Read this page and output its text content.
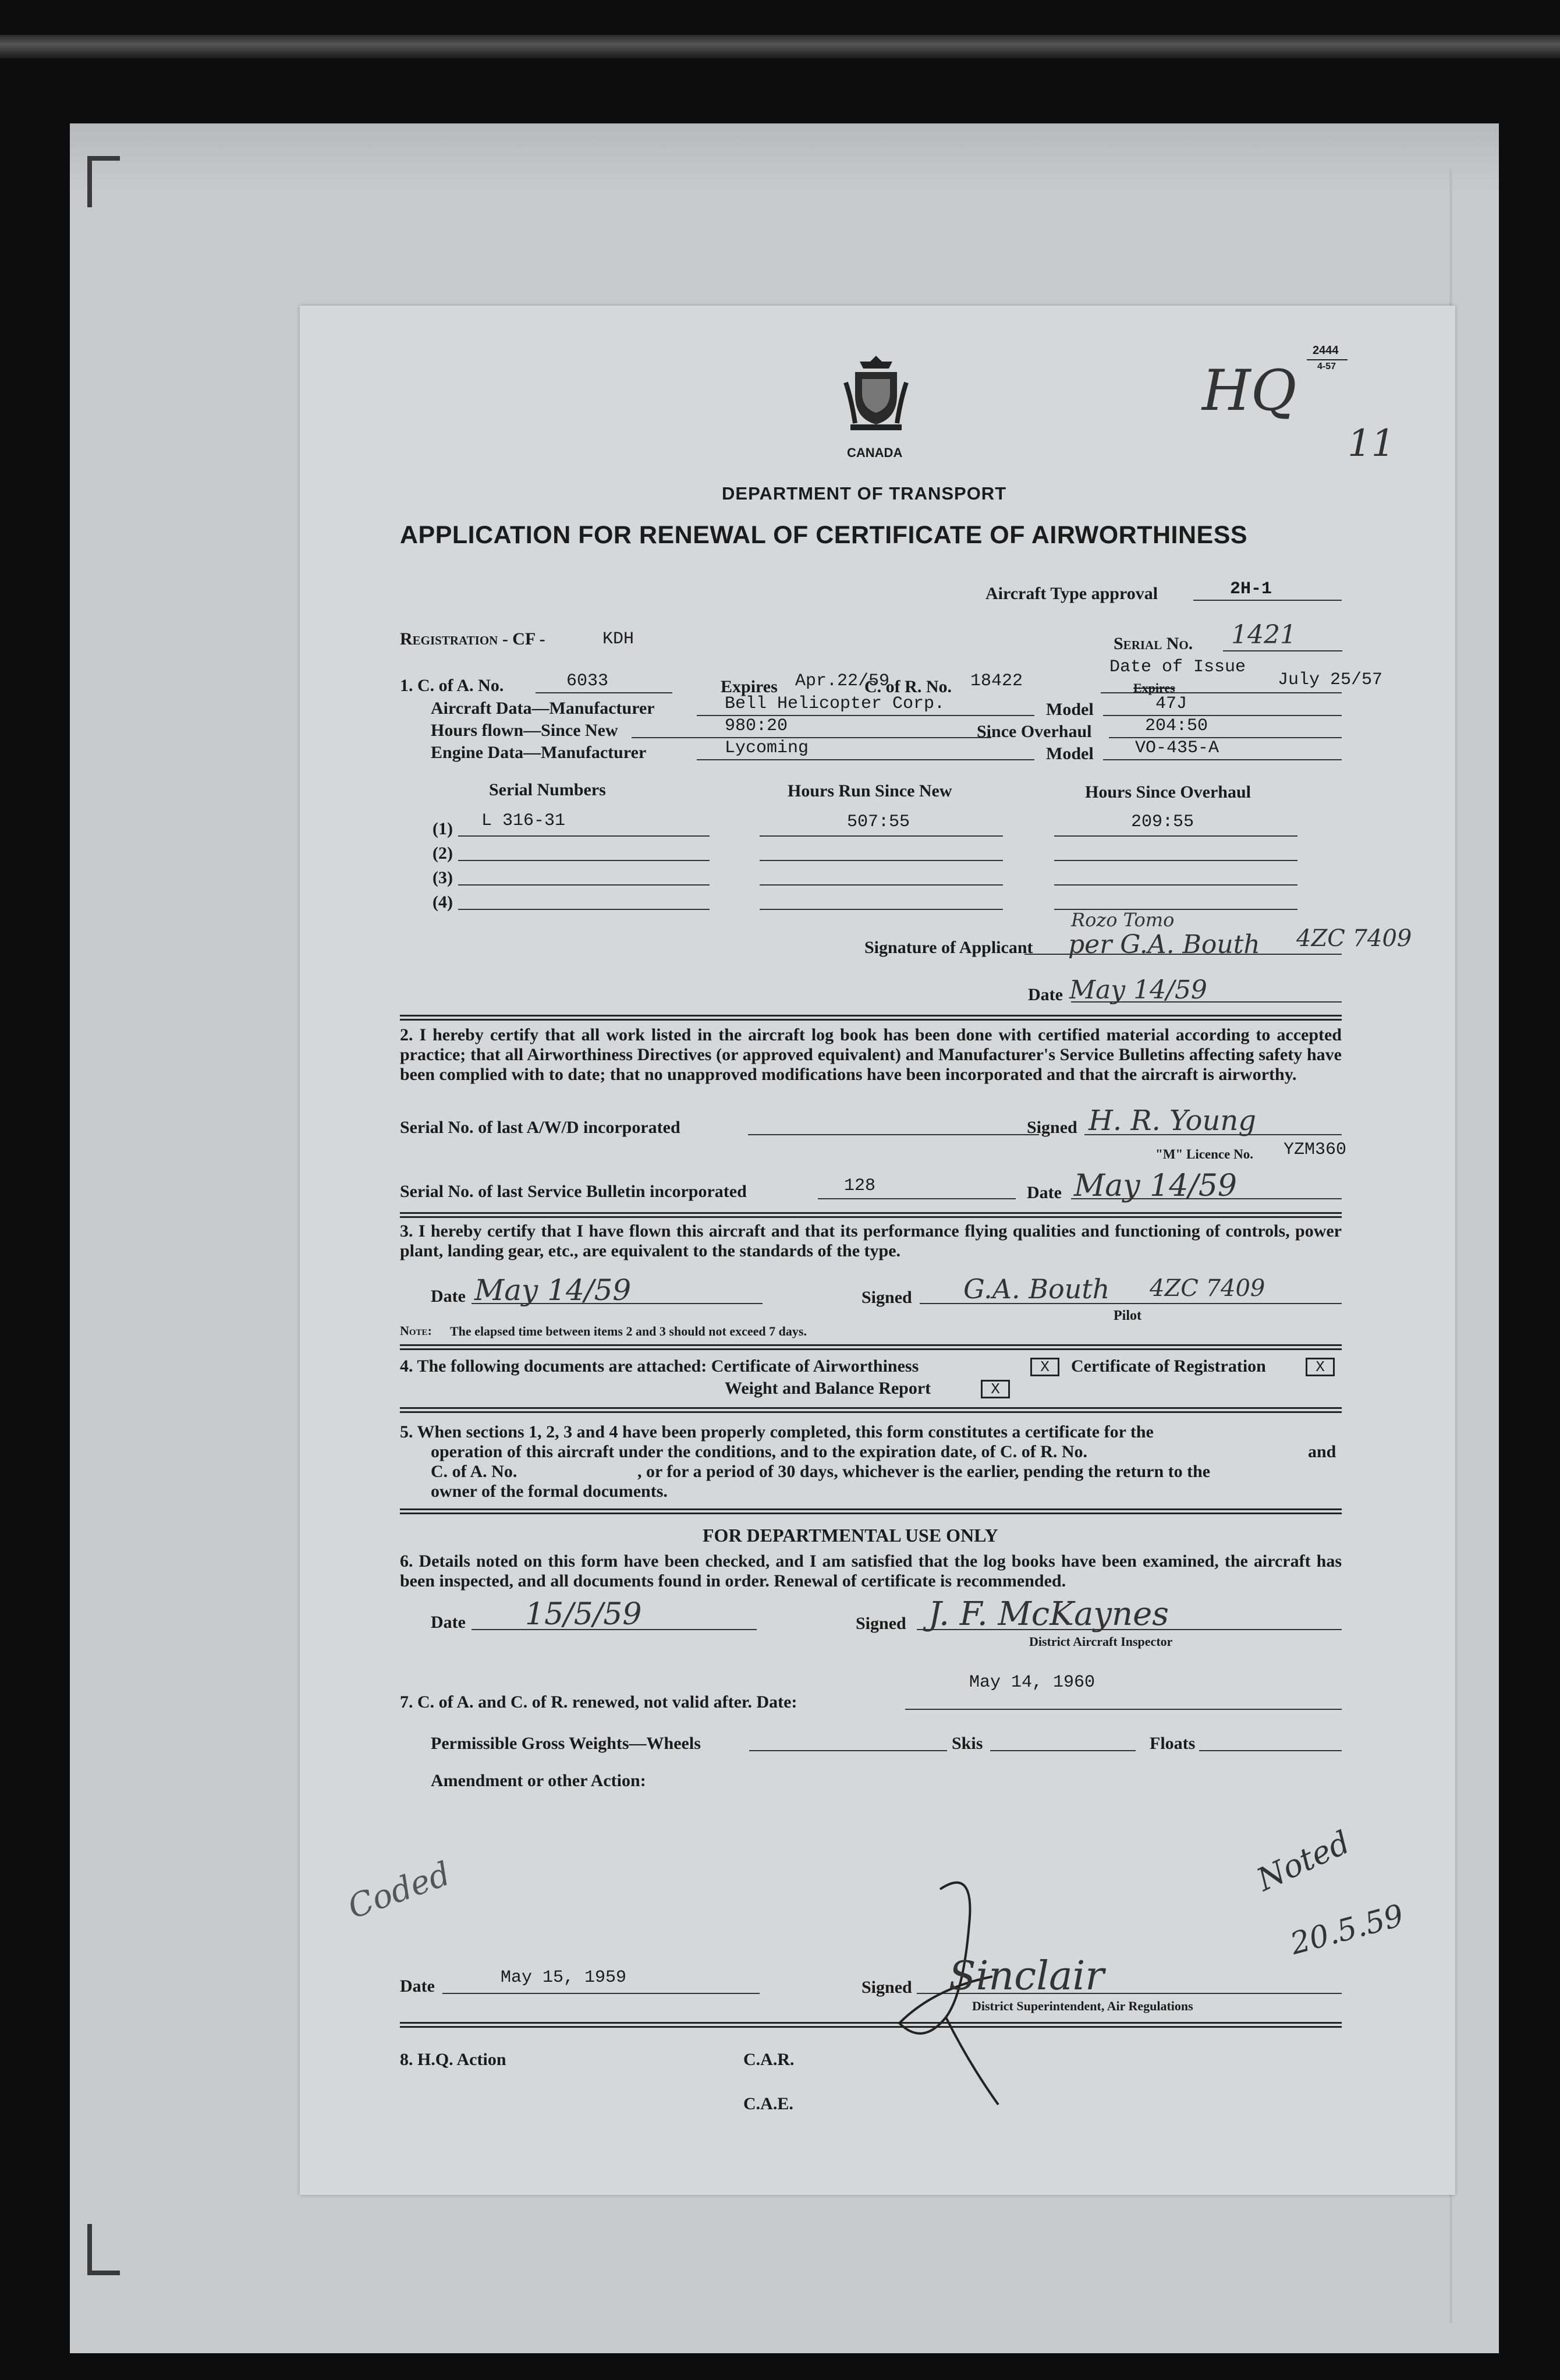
CANADA
2444
4-57
HQ
11
DEPARTMENT OF TRANSPORT
APPLICATION FOR RENEWAL OF CERTIFICATE OF AIRWORTHINESS
Aircraft Type approval	2H-1
Registration - CF -	KDH	Serial No. 1421
1. C. of A. No.	6033	Expires Apr.22/59
C. of R. No. 18422
Date of Issue
July 25/57
Expires
Aircraft Data—Manufacturer	Bell Helicopter Corp.	Model	47J
Hours flown—Since New	980:20	Since Overhaul	204:50
Engine Data—Manufacturer	Lycoming	Model VO-435-A
Serial Numbers	Hours Run Since New	Hours Since Overhaul
(1) L 316-31	507:55	209:55
(2)
(3)
(4)
Signature of Applicant
Rozo Tomo
per G.A. Bouth 4ZC 7409
Date May 14/59
2. I hereby certify that all work listed in the aircraft log book has been done with certified material according to accepted practice; that all Airworthiness Directives (or approved equivalent) and Manufacturer's Service Bulletins affecting safety have been complied with to date; that no unapproved modifications have been incorporated and that the aircraft is airworthy.
Serial No. of last A/W/D incorporated	Signed H. R. Young
"M" Licence No. YZM360
Serial No. of last Service Bulletin incorporated	128	Date May 14/59
3. I hereby certify that I have flown this aircraft and that its performance flying qualities and functioning of controls, power plant, landing gear, etc., are equivalent to the standards of the type.
Date May 14/59	Signed G.A. Bouth 4ZC 7409
Pilot
Note: The elapsed time between items 2 and 3 should not exceed 7 days.
4. The following documents are attached: Certificate of Airworthiness	X	Certificate of Registration	X
Weight and Balance Report	X
5. When sections 1, 2, 3 and 4 have been properly completed, this form constitutes a certificate for the
operation of this aircraft under the conditions, and to the expiration date, of C. of R. No.	and
C. of A. No.	, or for a period of 30 days, whichever is the earlier, pending the return to the
owner of the formal documents.
FOR DEPARTMENTAL USE ONLY
6. Details noted on this form have been checked, and I am satisfied that the log books have been examined, the aircraft has been inspected, and all documents found in order. Renewal of certificate is recommended.
Date 15/5/59	Signed J. F. McKaynes
District Aircraft Inspector
May 14, 1960
7. C. of A. and C. of R. renewed, not valid after. Date:
Permissible Gross Weights—Wheels	Skis	Floats
Amendment or other Action:
Coded	Noted
20.5.59
Date	May 15, 1959	Signed Sinclair
District Superintendent, Air Regulations
8. H.Q. Action	C.A.R.
C.A.E.
